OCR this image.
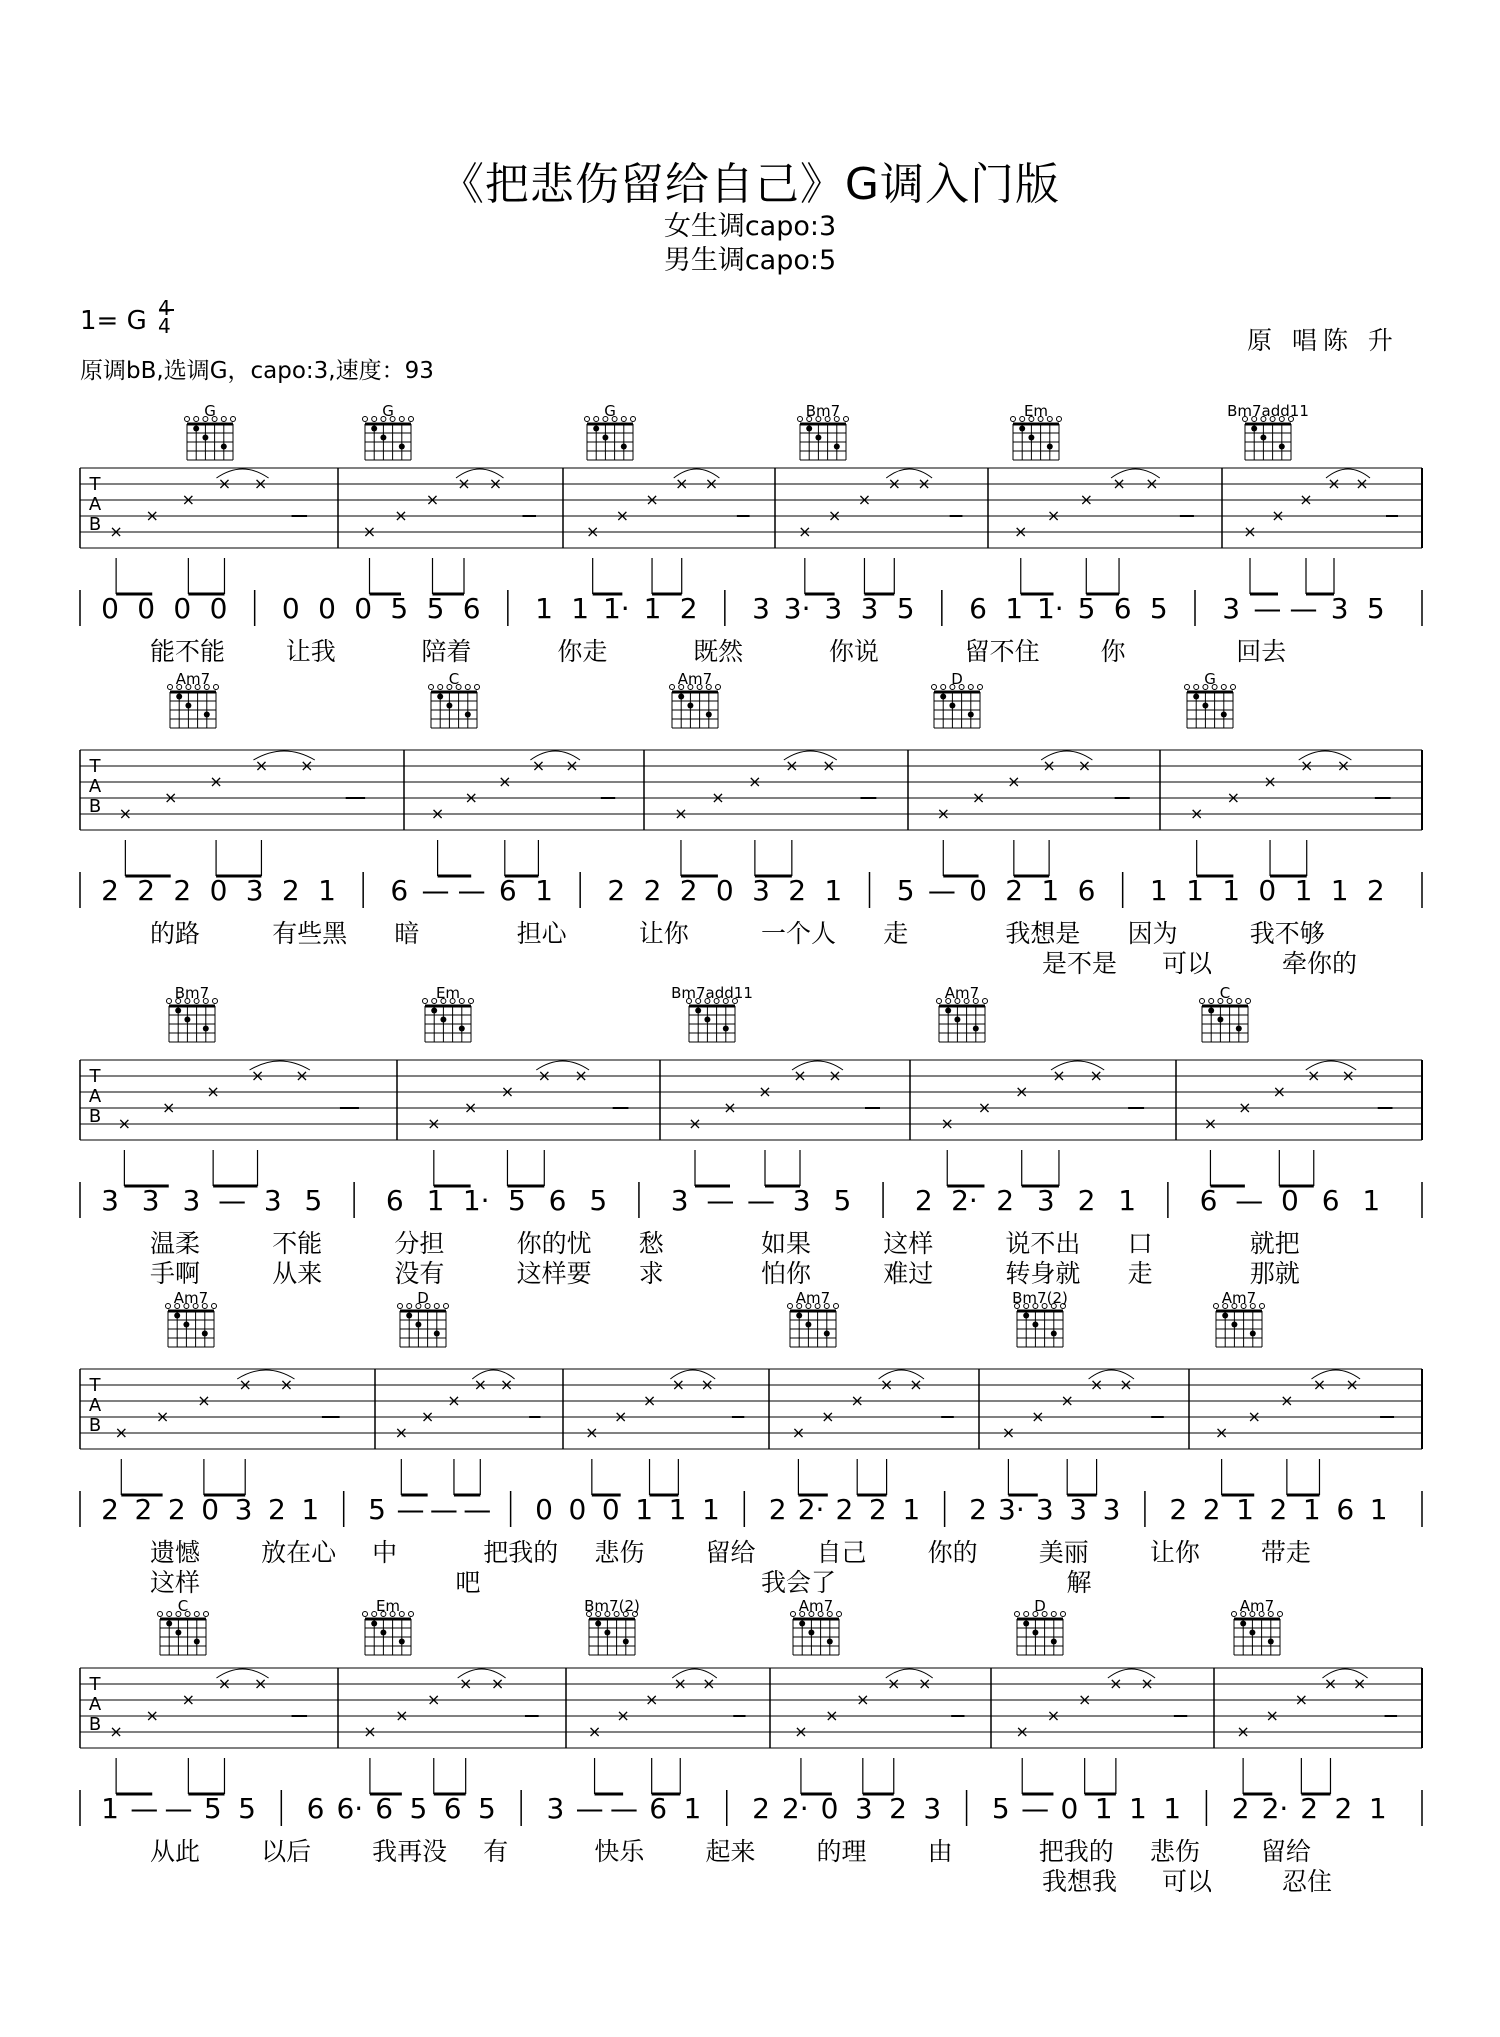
《把悲伤留给自己》G调入门版
女生调capo:3
男生调capo:5
1= G 4
4
原调bB,选调G，capo:3,速度：93
原 唱陈 升
T
A
B ×
×
×
× ×
×
×
×
× ×
×
×
×
× ×
×
×
×
× ×
×
×
×
× ×
×
×
×
× ×
0 0 0 0 0 0 0 5 5 6 1 1 1· 1 2 3 3· 3 3 5 6 1 1· 5 6 5 3 — — 3 5
能不能 让我	陪着	你走	既然	你说	留不住 你	回去
T
A
B ×
×
×
× ×
×
×
×
× ×
×
×
×
× ×
×
×
×
× ×
×
×
×
× ×
2 2 2 0 3 2 1 6 — — 6 1 2 2 2 0 3 2 1 5 — 0 2 1 6 1 1 1 0 1 1 2
的路	有些黑 暗	担心	让你	一个人 走	我想是 因为	我不够
是不是 可以	牵你的
T
A
B ×
×
×
× ×
×
×
×
× ×
×
×
×
× ×
×
×
×
× ×
×
×
×
× ×
3 3 3 — 3 5 6 1 1· 5 6 5 3 — — 3 5 2 2· 2 3 2 1 6 — 0 6 1
温柔	不能	分担	你的忧 愁	如果	这样	说不出 口	就把
手啊	从来	没有	这样要 求	怕你	难过	转身就 走	那就
T
A
B ×
×
×
× ×
×
×
×
× ×
×
×
×
× ×
×
×
×
× ×
×
×
×
× ×
×
×
×
× ×
2 2 2 0 3 2 1 5 — — — 0 0 0 1 1 1 2 2· 2 2 1 2 3· 3 3 3 2 2 1 2 1 6 1
遗憾 放在心 中	把我的 悲伤 留给 自己 你的 美丽 让你 带走
这样	吧	我会了	解
T
A
B ×
×
×
× ×
×
×
×
× ×
×
×
×
× ×
×
×
×
× ×
×
×
×
× ×
×
×
×
× ×
1 — — 5 5 6 6· 6 5 6 5 3 — — 6 1 2 2· 0 3 2 3 5 — 0 1 1 1 2 2· 2 2 1
从此 以后 我再没 有	快乐 起来 的理 由	把我的 悲伤 留给
我想我 可以	忍住
G	G	G	Bm7	Em	Bm7add11
Am7	C	Am7	D	G
Bm7	Em	Bm7add11	Am7	C
Am7	D	Am7	Bm7(2)	Am7
C	Em	Bm7(2)	Am7	D	Am7
